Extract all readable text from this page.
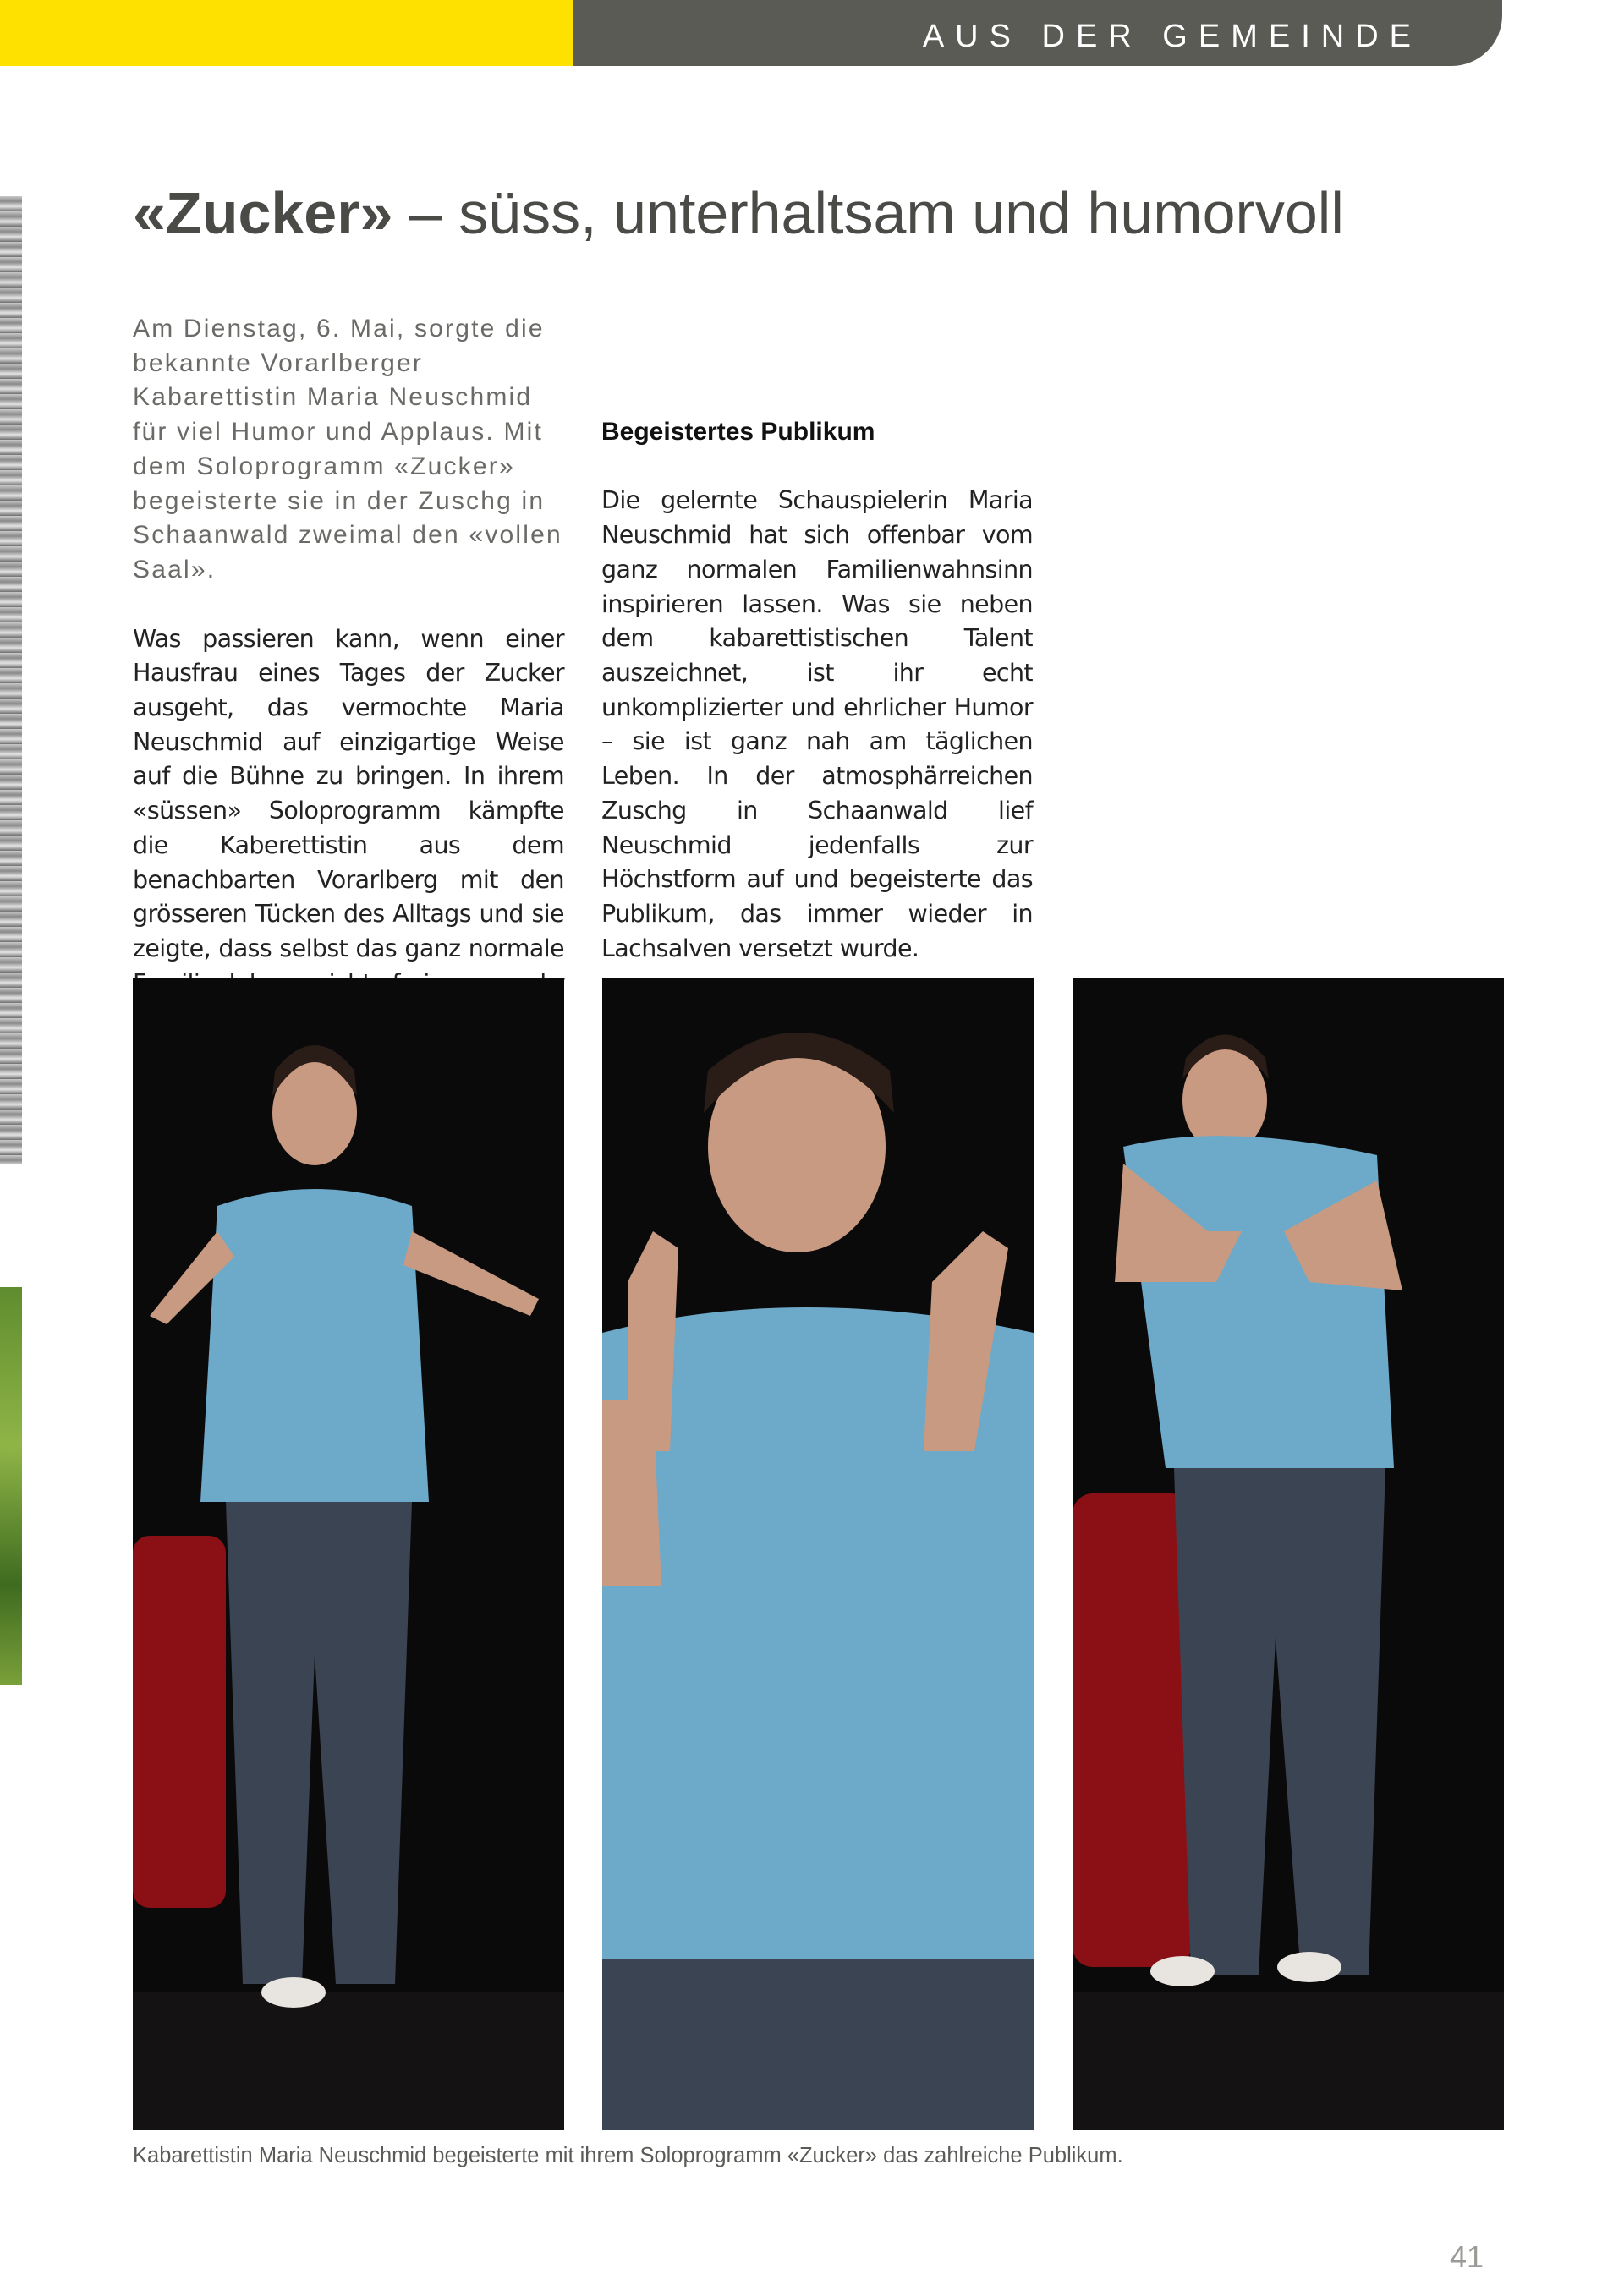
AUS DER GEMEINDE
«Zucker» – süss, unterhaltsam und humorvoll

Am Dienstag, 6. Mai, sorgte die bekannte Vorarlberger Kabarettistin Maria Neuschmid für viel Humor und Applaus. Mit dem Soloprogramm «Zucker» begeisterte sie in der Zuschg in Schaanwald zweimal den «vollen Saal».

Was passieren kann, wenn einer Hausfrau eines Tages der Zucker ausgeht, das vermochte Maria Neuschmid auf einzigartige Weise auf die Bühne zu bringen. In ihrem «süssen» Soloprogramm kämpfte die Kaberettistin aus dem benachbarten Vorarlberg mit den grösseren Tücken des Alltags und sie zeigte, dass selbst das ganz normale

Begeistertes Publikum

Die gelernte Schauspielerin Maria Neuschmid hat sich offenbar vom ganz normalen Familienwahnsinn inspirieren lassen. Was sie neben dem kabarettistischen Talent auszeichnet, ist ihr echt unkomplizierter und ehrlicher Humor – sie ist ganz nah am täglichen Leben. In der atmosphärreichen Zuschg in Schaanwald lief Neuschmid jedenfalls zur Höchstform auf und begeisterte das Publikum, das immer wieder in Lachsalven versetzt wurde.

Kabarettistin Maria Neuschmid begeisterte mit ihrem Soloprogramm «Zucker» das zahlreiche Publikum.

41
